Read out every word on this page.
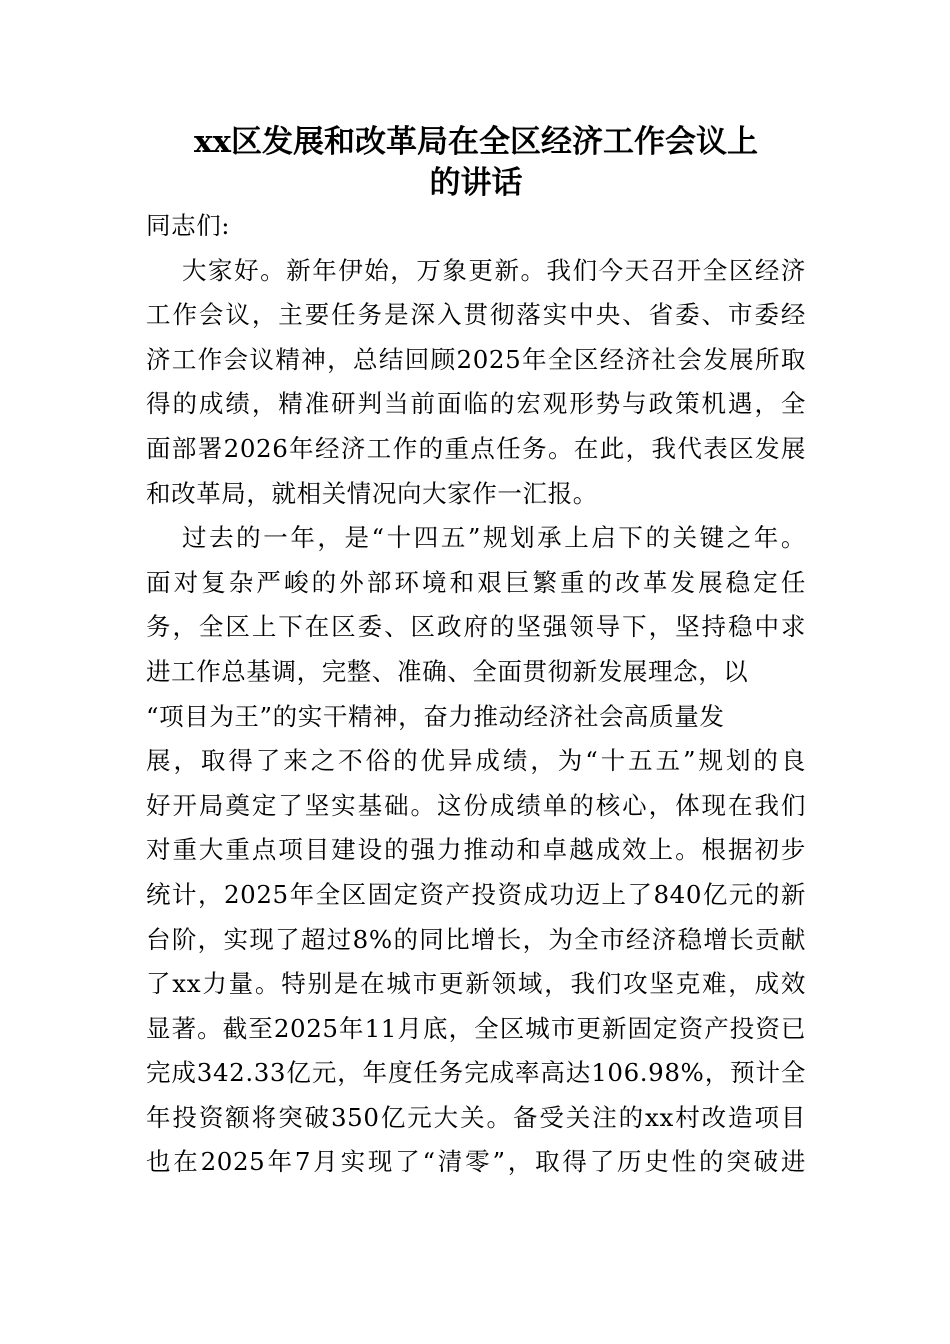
xx区发展和改革局在全区经济工作会议上
的讲话
同志们:
大家好。新年伊始，万象更新。我们今天召开全区经济
工作会议，主要任务是深入贯彻落实中央、省委、市委经
济工作会议精神，总结回顾2025年全区经济社会发展所取
得的成绩，精准研判当前面临的宏观形势与政策机遇，全
面部署2026年经济工作的重点任务。在此，我代表区发展
和改革局，就相关情况向大家作一汇报。
过去的一年，是“十四五”规划承上启下的关键之年。
面对复杂严峻的外部环境和艰巨繁重的改革发展稳定任
务，全区上下在区委、区政府的坚强领导下，坚持稳中求
进工作总基调，完整、准确、全面贯彻新发展理念，以
“项目为王”的实干精神，奋力推动经济社会高质量发
展，取得了来之不俗的优异成绩，为“十五五”规划的良
好开局奠定了坚实基础。这份成绩单的核心，体现在我们
对重大重点项目建设的强力推动和卓越成效上。根据初步
统计，2025年全区固定资产投资成功迈上了840亿元的新
台阶，实现了超过8%的同比增长，为全市经济稳增长贡献
了xx力量。特别是在城市更新领域，我们攻坚克难，成效
显著。截至2025年11月底，全区城市更新固定资产投资已
完成342.33亿元，年度任务完成率高达106.98%，预计全
年投资额将突破350亿元大关。备受关注的xx村改造项目
也在2025年7月实现了“清零”，取得了历史性的突破进
